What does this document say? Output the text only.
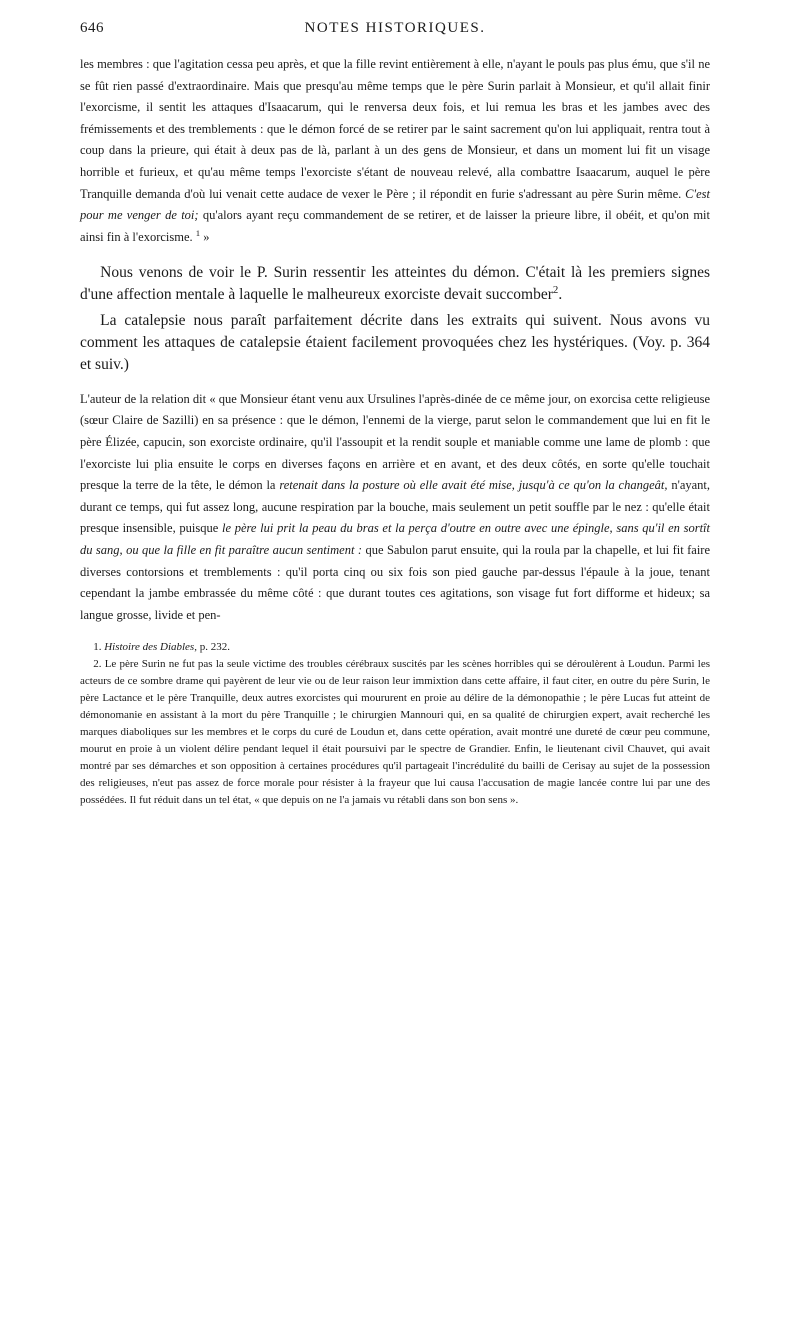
646	NOTES HISTORIQUES.

les membres : que l'agitation cessa peu après, et que la fille revint entièrement à elle, n'ayant le pouls pas plus ému, que s'il ne se fût rien passé d'extraordinaire. Mais que presqu'au même temps que le père Surin parlait à Monsieur, et qu'il allait finir l'exorcisme, il sentit les attaques d'Isaacarum, qui le renversa deux fois, et lui remua les bras et les jambes avec des frémissements et des tremblements : que le démon forcé de se retirer par le saint sacrement qu'on lui appliquait, rentra tout à coup dans la prieure, qui était à deux pas de là, parlant à un des gens de Monsieur, et dans un moment lui fit un visage horrible et furieux, et qu'au même temps l'exorciste s'étant de nouveau relevé, alla combattre Isaacarum, auquel le père Tranquille demanda d'où lui venait cette audace de vexer le Père ; il répondit en furie s'adressant au père Surin même. C'est pour me venger de toi; qu'alors ayant reçu commandement de se retirer, et de laisser la prieure libre, il obéit, et qu'on mit ainsi fin à l'exorcisme. $^1$ »

Nous venons de voir le P. Surin ressentir les atteintes du démon. C'était là les premiers signes d'une affection mentale à laquelle le malheureux exorciste devait succomber$^2$.

La catalepsie nous paraît parfaitement décrite dans les extraits qui suivent. Nous avons vu comment les attaques de catalepsie étaient facilement provoquées chez les hystériques. (Voy. p. 364 et suiv.)

L'auteur de la relation dit « que Monsieur étant venu aux Ursulines l'après-dinée de ce même jour, on exorcisa cette religieuse (sœur Claire de Sazilli) en sa présence : que le démon, l'ennemi de la vierge, parut selon le commandement que lui en fit le père Élizée, capucin, son exorciste ordinaire, qu'il l'assoupit et la rendit souple et maniable comme une lame de plomb : que l'exorciste lui plia ensuite le corps en diverses façons en arrière et en avant, et des deux côtés, en sorte qu'elle touchait presque la terre de la tête, le démon la retenait dans la posture où elle avait été mise, jusqu'à ce qu'on la changeât, n'ayant, durant ce temps, qui fut assez long, aucune respiration par la bouche, mais seulement un petit souffle par le nez : qu'elle était presque insensible, puisque le père lui prit la peau du bras et la perça d'outre en outre avec une épingle, sans qu'il en sortît du sang, ou que la fille en fit paraître aucun sentiment : que Sabulon parut ensuite, qui la roula par la chapelle, et lui fit faire diverses contorsions et tremblements : qu'il porta cinq ou six fois son pied gauche par-dessus l'épaule à la joue, tenant cependant la jambe embrassée du même côté : que durant toutes ces agitations, son visage fut fort difforme et hideux; sa langue grosse, livide et pen-

1. Histoire des Diables, p. 232.

2. Le père Surin ne fut pas la seule victime des troubles cérébraux suscités par les scènes horribles qui se déroulèrent à Loudun. Parmi les acteurs de ce sombre drame qui payèrent de leur vie ou de leur raison leur immixtion dans cette affaire, il faut citer, en outre du père Surin, le père Lactance et le père Tranquille, deux autres exorcistes qui moururent en proie au délire de la démonopathie ; le père Lucas fut atteint de démonomanie en assistant à la mort du père Tranquille ; le chirurgien Mannouri qui, en sa qualité de chirurgien expert, avait recherché les marques diaboliques sur les membres et le corps du curé de Loudun et, dans cette opération, avait montré une dureté de cœur peu commune, mourut en proie à un violent délire pendant lequel il était poursuivi par le spectre de Grandier. Enfin, le lieutenant civil Chauvet, qui avait montré par ses démarches et son opposition à certaines procédures qu'il partageait l'incrédulité du bailli de Cerisay au sujet de la possession des religieuses, n'eut pas assez de force morale pour résister à la frayeur que lui causa l'accusation de magie lancée contre lui par une des possédées. Il fut réduit dans un tel état, « que depuis on ne l'a jamais vu rétabli dans son bon sens ».
